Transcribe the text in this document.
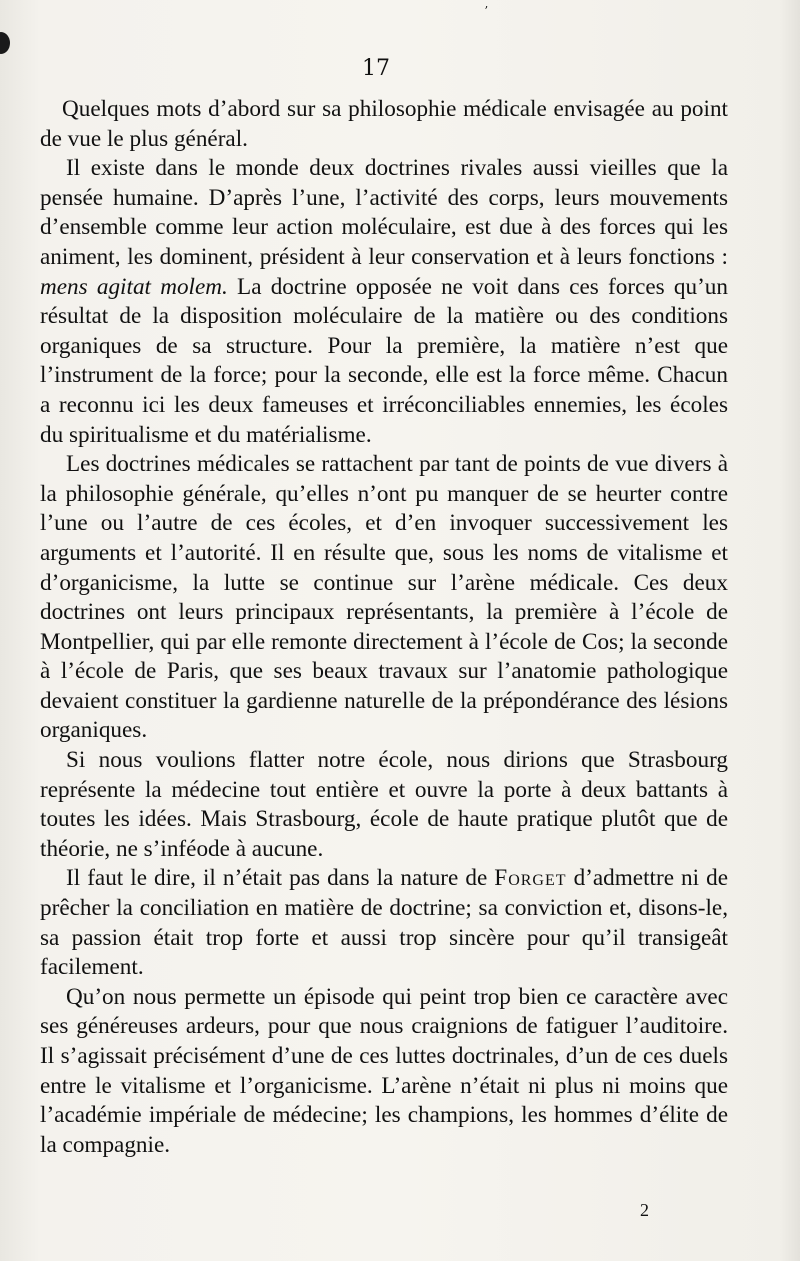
ʼ
17

Quelques mots d’abord sur sa philosophie médicale envisagée au point de vue le plus général.

Il existe dans le monde deux doctrines rivales aussi vieilles que la pensée humaine. D’après l’une, l’activité des corps, leurs mouvements d’ensemble comme leur action moléculaire, est due à des forces qui les animent, les dominent, président à leur conservation et à leurs fonctions : mens agitat molem. La doctrine opposée ne voit dans ces forces qu’un résultat de la disposition moléculaire de la matière ou des conditions organiques de sa structure. Pour la première, la matière n’est que l’instrument de la force; pour la seconde, elle est la force même. Chacun a reconnu ici les deux fameuses et irréconciliables ennemies, les écoles du spiritualisme et du matérialisme.

Les doctrines médicales se rattachent par tant de points de vue divers à la philosophie générale, qu’elles n’ont pu manquer de se heurter contre l’une ou l’autre de ces écoles, et d’en invoquer successivement les arguments et l’autorité. Il en résulte que, sous les noms de vitalisme et d’organicisme, la lutte se continue sur l’arène médicale. Ces deux doctrines ont leurs principaux représentants, la première à l’école de Montpellier, qui par elle remonte directement à l’école de Cos; la seconde à l’école de Paris, que ses beaux travaux sur l’anatomie pathologique devaient constituer la gardienne naturelle de la prépondérance des lésions organiques.

Si nous voulions flatter notre école, nous dirions que Strasbourg représente la médecine tout entière et ouvre la porte à deux battants à toutes les idées. Mais Strasbourg, école de haute pratique plutôt que de théorie, ne s’inféode à aucune.

Il faut le dire, il n’était pas dans la nature de Forget d’admettre ni de prêcher la conciliation en matière de doctrine; sa conviction et, disons-le, sa passion était trop forte et aussi trop sincère pour qu’il transigeât facilement.

Qu’on nous permette un épisode qui peint trop bien ce caractère avec ses généreuses ardeurs, pour que nous craignions de fatiguer l’auditoire. Il s’agissait précisément d’une de ces luttes doctrinales, d’un de ces duels entre le vitalisme et l’organicisme. L’arène n’était ni plus ni moins que l’académie impériale de médecine; les champions, les hommes d’élite de la compagnie.

2
